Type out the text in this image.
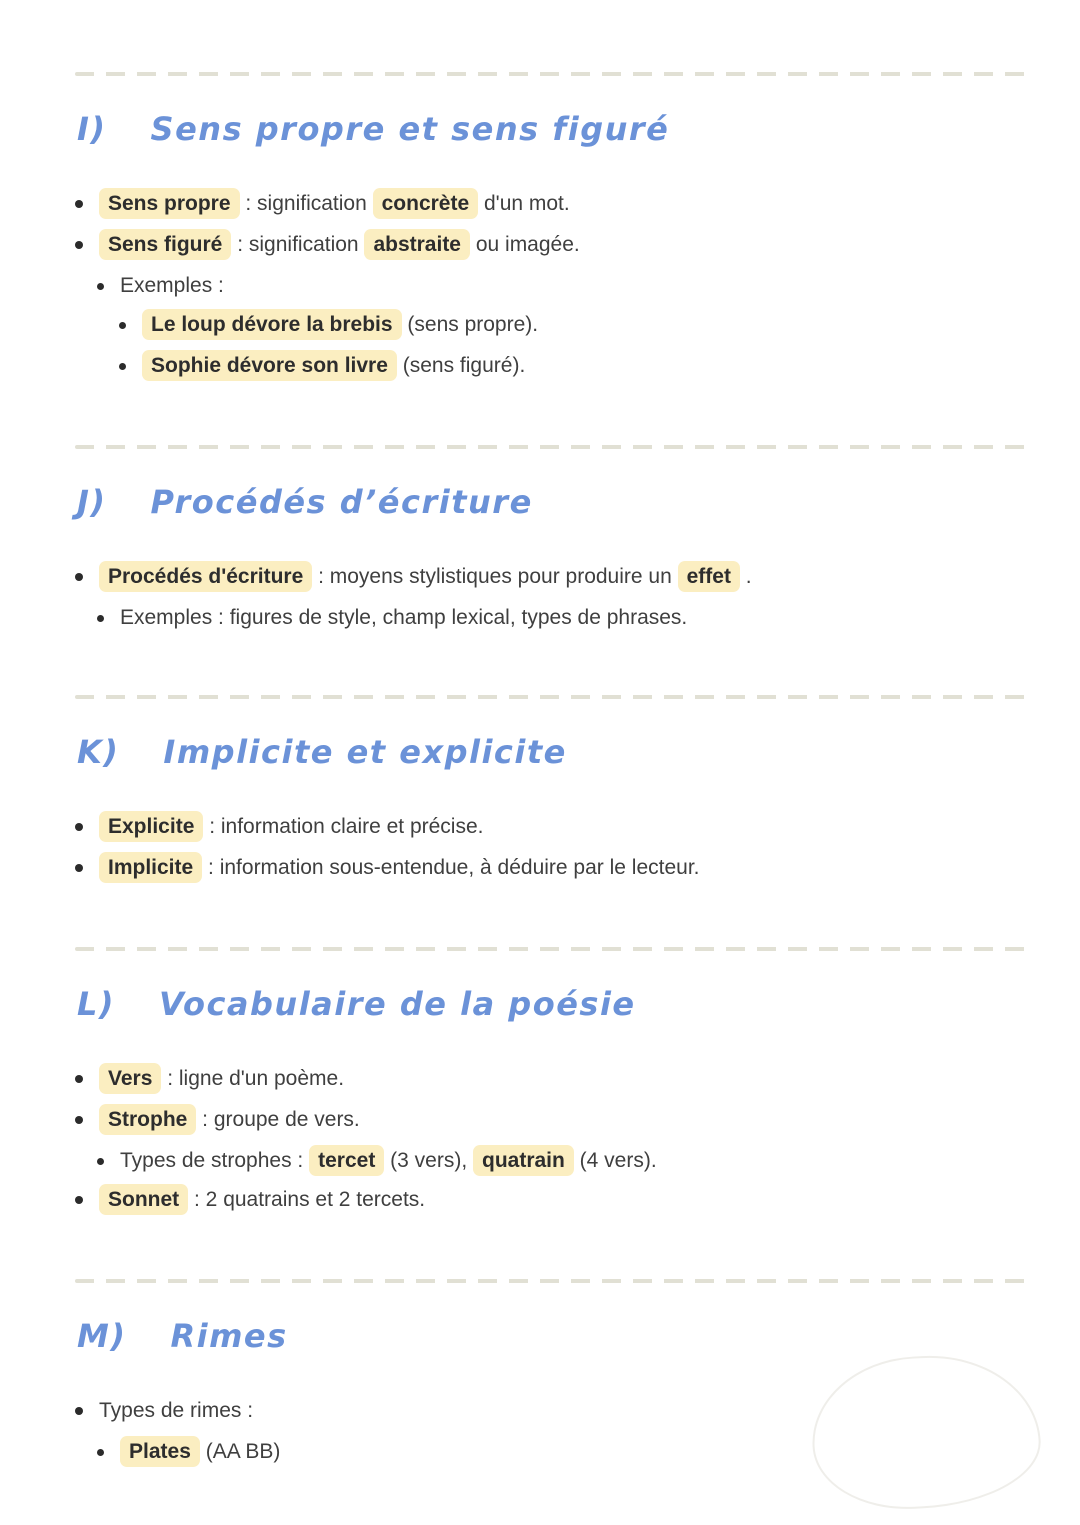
I) Sens propre et sens figuré
Sens propre : signification concrète d'un mot.
Sens figuré : signification abstraite ou imagée.
Exemples :
Le loup dévore la brebis (sens propre).
Sophie dévore son livre (sens figuré).
J) Procédés d’écriture
Procédés d'écriture : moyens stylistiques pour produire un effet .
Exemples : figures de style, champ lexical, types de phrases.
K) Implicite et explicite
Explicite : information claire et précise.
Implicite : information sous-entendue, à déduire par le lecteur.
L) Vocabulaire de la poésie
Vers : ligne d'un poème.
Strophe : groupe de vers.
Types de strophes : tercet (3 vers), quatrain (4 vers).
Sonnet : 2 quatrains et 2 tercets.
M) Rimes
Types de rimes :
Plates (AA BB)
